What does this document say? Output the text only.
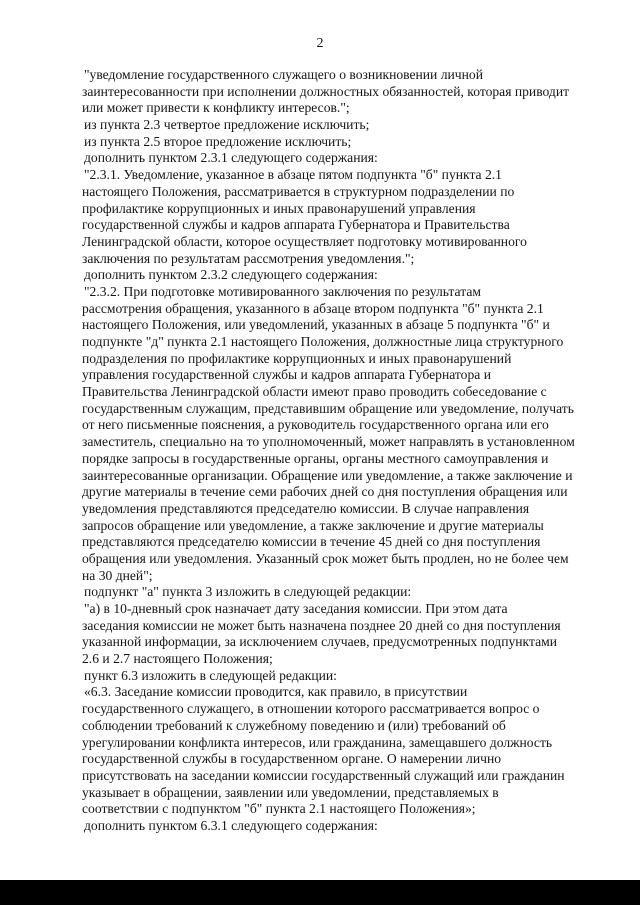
2
"уведомление государственного служащего о возникновении личной
заинтересованности при исполнении должностных обязанностей, которая приводит
или может привести к конфликту интересов.";
из пункта 2.3 четвертое предложение исключить;
из пункта 2.5 второе предложение исключить;
дополнить пунктом 2.3.1 следующего содержания:
"2.3.1. Уведомление, указанное в абзаце пятом подпункта "б" пункта 2.1
настоящего Положения, рассматривается в структурном подразделении по
профилактике коррупционных и иных правонарушений управления
государственной службы и кадров аппарата Губернатора и Правительства
Ленинградской области, которое осуществляет подготовку мотивированного
заключения по результатам рассмотрения уведомления.";
дополнить пунктом 2.3.2 следующего содержания:
"2.3.2. При подготовке мотивированного заключения по результатам
рассмотрения обращения, указанного в абзаце втором подпункта "б" пункта 2.1
настоящего Положения, или уведомлений, указанных в абзаце 5 подпункта "б" и
подпункте "д" пункта 2.1 настоящего Положения, должностные лица структурного
подразделения по профилактике коррупционных и иных правонарушений
управления государственной службы и кадров аппарата Губернатора и
Правительства Ленинградской области имеют право проводить собеседование с
государственным служащим, представившим обращение или уведомление, получать
от него письменные пояснения, а руководитель государственного органа или его
заместитель, специально на то уполномоченный, может направлять в установленном
порядке запросы в государственные органы, органы местного самоуправления и
заинтересованные организации. Обращение или уведомление, а также заключение и
другие материалы в течение семи рабочих дней со дня поступления обращения или
уведомления представляются председателю комиссии. В случае направления
запросов обращение или уведомление, а также заключение и другие материалы
представляются председателю комиссии в течение 45 дней со дня поступления
обращения или уведомления. Указанный срок может быть продлен, но не более чем
на 30 дней";
подпункт "а" пункта 3 изложить в следующей редакции:
"а) в 10-дневный срок назначает дату заседания комиссии. При этом дата
заседания комиссии не может быть назначена позднее 20 дней со дня поступления
указанной информации, за исключением случаев, предусмотренных подпунктами
2.6 и 2.7 настоящего Положения;
пункт 6.3 изложить в следующей редакции:
«6.3. Заседание комиссии проводится, как правило, в присутствии
государственного служащего, в отношении которого рассматривается вопрос о
соблюдении требований к служебному поведению и (или) требований об
урегулировании конфликта интересов, или гражданина, замещавшего должность
государственной службы в государственном органе. О намерении лично
присутствовать на заседании комиссии государственный служащий или гражданин
указывает в обращении, заявлении или уведомлении, представляемых в
соответствии с подпунктом "б" пункта 2.1 настоящего Положения»;
дополнить пунктом 6.3.1 следующего содержания:
